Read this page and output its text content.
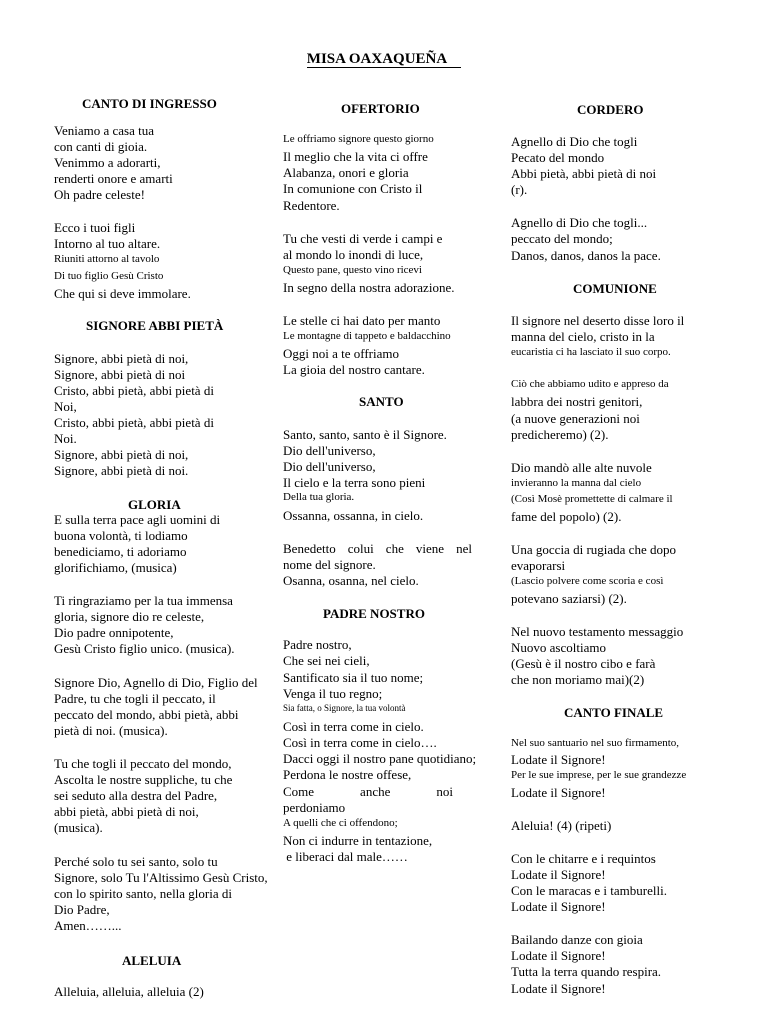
MISA OAXAQUEÑA
CANTO DI INGRESSO

Veniamo a casa tua

con canti di gioia.

Venimmo a adorarti,

renderti onore e amarti

Oh padre celeste!

Ecco i tuoi figli

Intorno al tuo altare.

Riuniti attorno al tavolo

Di tuo figlio Gesù Cristo

Che qui si deve immolare.

SIGNORE ABBI PIETÀ

Signore, abbi pietà di noi,

Signore, abbi pietà di noi

Cristo, abbi pietà, abbi pietà di

Noi,

Cristo, abbi pietà, abbi pietà di

Noi.

Signore, abbi pietà di noi,

Signore, abbi pietà di noi.

GLORIA

E sulla terra pace agli uomini di

buona volontà, ti lodiamo

benediciamo, ti adoriamo

glorifichiamo, (musica)

Ti ringraziamo per la tua immensa

gloria, signore dio re celeste,

Dio padre onnipotente,

Gesù Cristo figlio unico. (musica).

Signore Dio, Agnello di Dio, Figlio del

Padre, tu che togli il peccato, il

peccato del mondo, abbi pietà, abbi

pietà di noi. (musica).

Tu che togli il peccato del mondo,

Ascolta le nostre suppliche, tu che

sei seduto alla destra del Padre,

abbi pietà, abbi pietà di noi,

(musica).

Perché solo tu sei santo, solo tu

Signore, solo Tu l'Altissimo Gesù Cristo,

con lo spirito santo, nella gloria di

Dio Padre,

Amen……...

ALELUIA

Alleluia, alleluia, alleluia (2)

OFERTORIO

Le offriamo signore questo giorno

Il meglio che la vita ci offre

Alabanza, onori e gloria

In comunione con Cristo il

Redentore.

Tu che vesti di verde i campi e

al mondo lo inondi di luce,

Questo pane, questo vino ricevi

In segno della nostra adorazione.

Le stelle ci hai dato per manto

Le montagne di tappeto e baldacchino

Oggi noi a te offriamo

La gioia del nostro cantare.

SANTO

Santo, santo, santo è il Signore.

Dio dell'universo,

Dio dell'universo,

Il cielo e la terra sono pieni

Della tua gloria.

Ossanna, ossanna, in cielo.

Benedetto colui che viene nel

nome del signore.

Osanna, osanna, nel cielo.

PADRE NOSTRO

Padre nostro,

Che sei nei cieli,

Santificato sia il tuo nome;

Venga il tuo regno;

Sia fatta, o Signore, la tua volontà

Così in terra come in cielo.

Così in terra come in cielo….

Dacci oggi il nostro pane quotidiano;

Perdona le nostre offese,

Come anche noi

perdoniamo

A quelli che ci offendono;

Non ci indurre in tentazione,

e liberaci dal male……

CORDERO

Agnello di Dio che togli

Pecato del mondo

Abbi pietà, abbi pietà di noi

(r).

Agnello di Dio che togli...

peccato del mondo;

Danos, danos, danos la pace.

COMUNIONE

Il signore nel deserto disse loro il

manna del cielo, cristo in la

eucaristia ci ha lasciato il suo corpo.

Ciò che abbiamo udito e appreso da

labbra dei nostri genitori,

(a nuove generazioni noi

predicheremo) (2).

Dio mandò alle alte nuvole

invieranno la manna dal cielo

(Così Mosè promettette di calmare il

fame del popolo) (2).

Una goccia di rugiada che dopo

evaporarsi

(Lascio polvere come scoria e così

potevano saziarsi) (2).

Nel nuovo testamento messaggio

Nuovo ascoltiamo

(Gesù è il nostro cibo e farà

che non moriamo mai)(2)

CANTO FINALE

Nel suo santuario nel suo firmamento,

Lodate il Signore!

Per le sue imprese, per le sue grandezze

Lodate il Signore!

Aleluia! (4) (ripeti)

Con le chitarre e i requintos

Lodate il Signore!

Con le maracas e i tamburelli.

Lodate il Signore!

Bailando danze con gioia

Lodate il Signore!

Tutta la terra quando respira.

Lodate il Signore!
